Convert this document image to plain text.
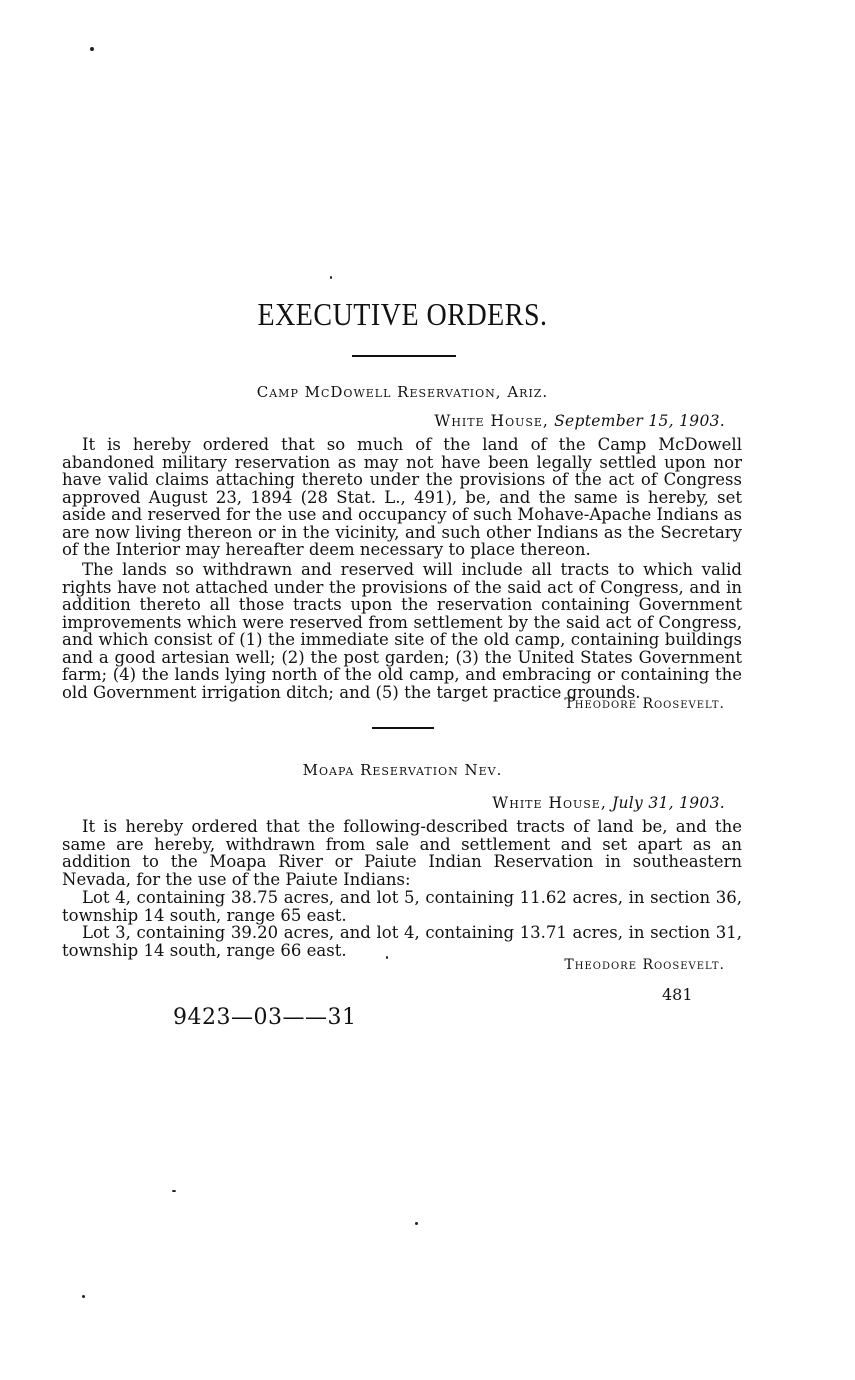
EXECUTIVE ORDERS.
Camp McDowell Reservation, Ariz.
White House, September 15, 1903.

It is hereby ordered that so much of the land of the Camp McDowell abandoned military reservation as may not have been legally settled upon nor have valid claims attaching thereto under the provisions of the act of Congress approved August 23, 1894 (28 Stat. L., 491), be, and the same is hereby, set aside and reserved for the use and occupancy of such Mohave-Apache Indians as are now living thereon or in the vicinity, and such other Indians as the Secretary of the Interior may hereafter deem necessary to place thereon.

The lands so withdrawn and reserved will include all tracts to which valid rights have not attached under the provisions of the said act of Congress, and in addition thereto all those tracts upon the reservation containing Government improvements which were reserved from settlement by the said act of Congress, and which consist of (1) the immediate site of the old camp, containing buildings and a good artesian well; (2) the post garden; (3) the United States Government farm; (4) the lands lying north of the old camp, and embracing or containing the old Government irrigation ditch; and (5) the target practice grounds.

Theodore Roosevelt.
Moapa Reservation Nev.
White House, July 31, 1903.

It is hereby ordered that the following-described tracts of land be, and the same are hereby, withdrawn from sale and settlement and set apart as an addition to the Moapa River or Paiute Indian Reservation in southeastern Nevada, for the use of the Paiute Indians:

Lot 4, containing 38.75 acres, and lot 5, containing 11.62 acres, in section 36, township 14 south, range 65 east.

Lot 3, containing 39.20 acres, and lot 4, containing 13.71 acres, in section 31, township 14 south, range 66 east.

Theodore Roosevelt.
481
9423—03——31
